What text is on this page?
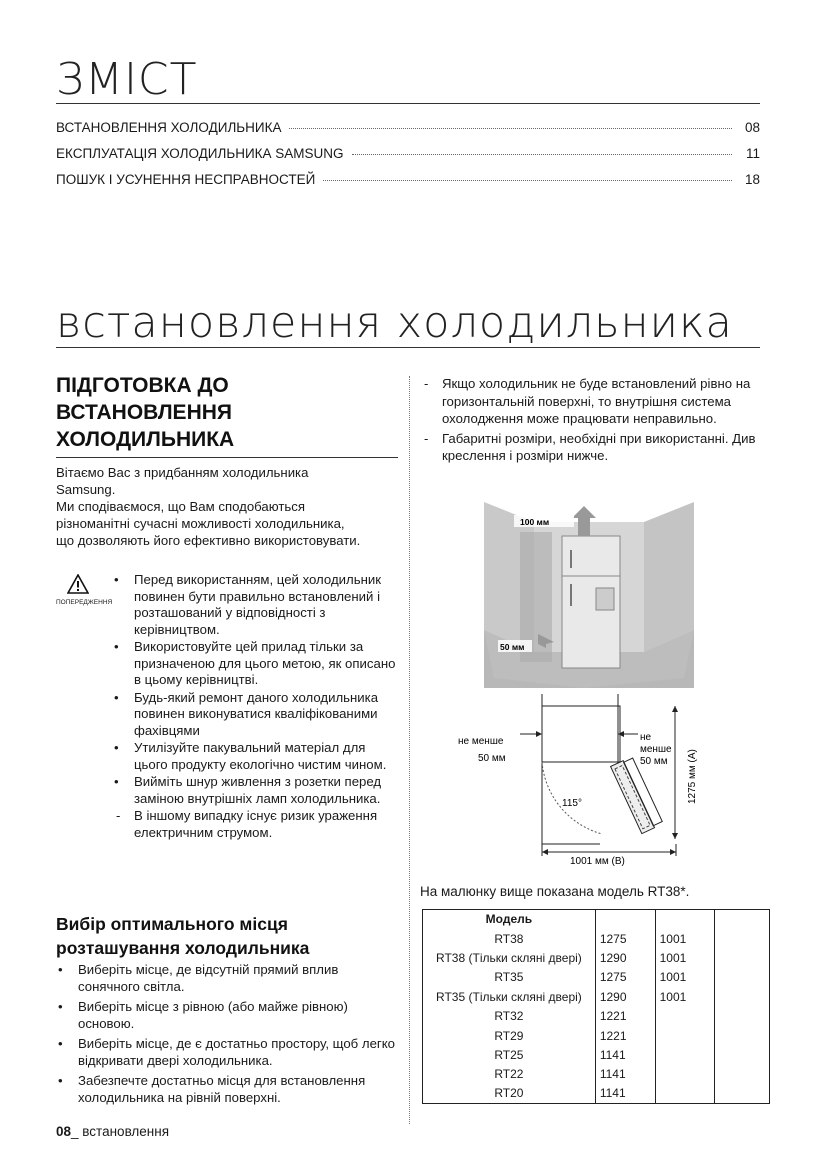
ЗМІСТ
ВСТАНОВЛЕННЯ ХОЛОДИЛЬНИКА	08
ЕКСПЛУАТАЦІЯ ХОЛОДИЛЬНИКА SAMSUNG	11
ПОШУК І УСУНЕННЯ НЕСПРАВНОСТЕЙ	18
встановлення холодильника
ПІДГОТОВКА ДО
ВСТАНОВЛЕННЯ
ХОЛОДИЛЬНИКА
Вітаємо Вас з придбанням холодильника
Samsung.
Ми сподіваємося, що Вам сподобаються
різноманітні сучасні можливості холодильника,
що дозволяють його ефективно використовувати.
ПОПЕРЕДЖЕННЯ
• Перед використанням, цей холодильник повинен бути правильно встановлений і розташований у відповідності з керівництвом.
• Використовуйте цей прилад тільки за призначеною для цього метою, як описано в цьому керівництві.
• Будь-який ремонт даного холодильника повинен виконуватися кваліфікованими фахівцями
• Утилізуйте пакувальний матеріал для цього продукту екологічно чистим чином.
• Вийміть шнур живлення з розетки перед заміною внутрішніх ламп холодильника.
- В іншому випадку існує ризик ураження електричним струмом.
Вибір оптимального місця
розташування холодильника
• Виберіть місце, де відсутній прямий вплив сонячного світла.
• Виберіть місце з рівною (або майже рівною) основою.
• Виберіть місце, де є достатньо простору, щоб легко відкривати двері холодильника.
• Забезпечте достатньо місця для встановлення холодильника на рівній поверхні.
08_ встановлення
- Якщо холодильник не буде встановлений рівно на горизонтальній поверхні, то внутрішня система охолодження може працювати неправильно.
- Габаритні розміри, необхідні при використанні. Див креслення і розміри нижче.
100 мм
50 мм
не менше
50 мм
не
менше
50 мм
115°	1275 мм (A)
1001 мм (B)
На малюнку вище показана модель RT38*.
Модель			
RT38	1275	1001	
RT38 (Тільки скляні двері)	1290	1001	
RT35	1275	1001	
RT35 (Тільки скляні двері)	1290	1001	
RT32	1221		
RT29	1221		
RT25	1141		
RT22	1141		
RT20	1141		
